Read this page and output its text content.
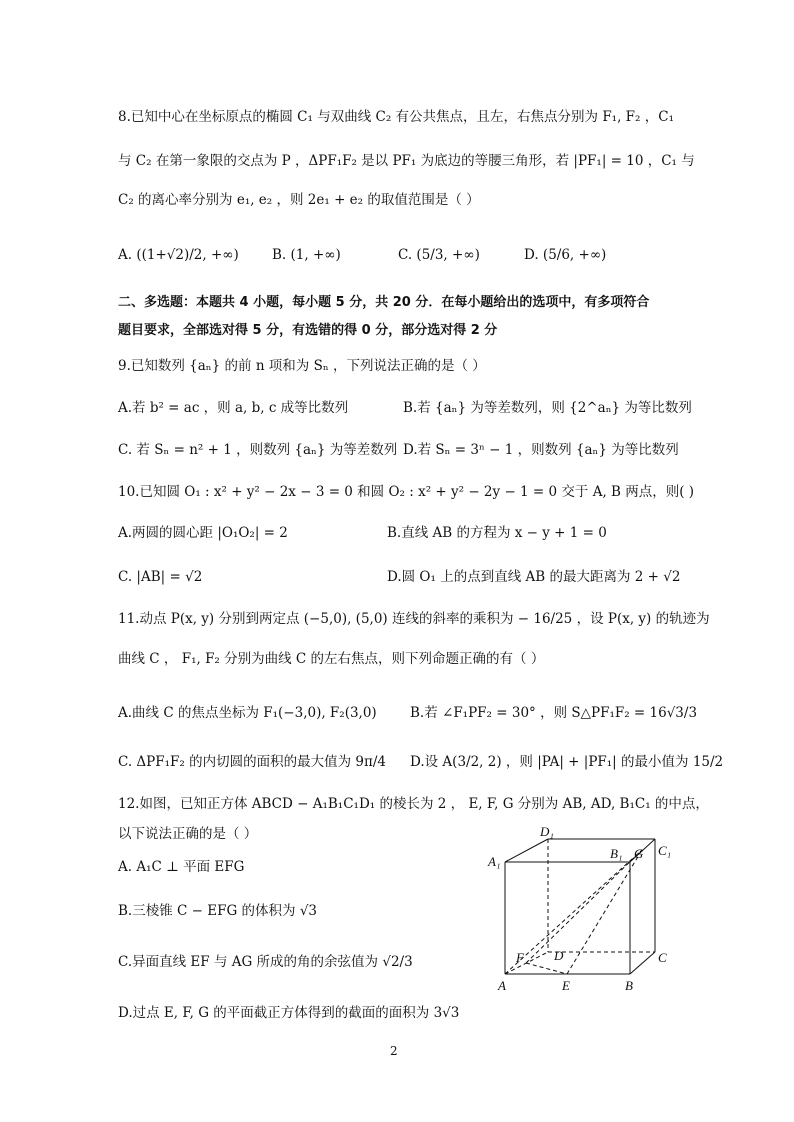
8.已知中心在坐标原点的椭圆 C₁ 与双曲线 C₂ 有公共焦点，且左，右焦点分别为 F₁, F₂ ，C₁
与 C₂ 在第一象限的交点为 P ，ΔPF₁F₂ 是以 PF₁ 为底边的等腰三角形，若 |PF₁| = 10 ，C₁ 与
C₂ 的离心率分别为 e₁, e₂ ，则 2e₁ + e₂ 的取值范围是（ ）
A. ((1+√2)/2, +∞) B. (1, +∞)	C. (5/3, +∞)	D. (5/6, +∞)
二、多选题：本题共 4 小题，每小题 5 分，共 20 分．在每小题给出的选项中，有多项符合
题目要求，全部选对得 5 分，有选错的得 0 分，部分选对得 2 分
9.已知数列 {aₙ} 的前 n 项和为 Sₙ ，下列说法正确的是（ ）
A.若 b² = ac ，则 a, b, c 成等比数列	B.若 {aₙ} 为等差数列，则 {2^aₙ} 为等比数列
C. 若 Sₙ = n² + 1 ，则数列 {aₙ} 为等差数列 D.若 Sₙ = 3ⁿ − 1 ，则数列 {aₙ} 为等比数列
10.已知圆 O₁ : x² + y² − 2x − 3 = 0 和圆 O₂ : x² + y² − 2y − 1 = 0 交于 A, B 两点，则( )
A.两圆的圆心距 |O₁O₂| = 2	B.直线 AB 的方程为 x − y + 1 = 0
C. |AB| = √2	D.圆 O₁ 上的点到直线 AB 的最大距离为 2 + √2
11.动点 P(x, y) 分别到两定点 (−5,0), (5,0) 连线的斜率的乘积为 − 16/25 ，设 P(x, y) 的轨迹为
曲线 C ， F₁, F₂ 分别为曲线 C 的左右焦点，则下列命题正确的有（ ）
A.曲线 C 的焦点坐标为 F₁(−3,0), F₂(3,0) B.若 ∠F₁PF₂ = 30° ，则 S△PF₁F₂ = 16√3/3
C. ΔPF₁F₂ 的内切圆的面积的最大值为 9π/4 D.设 A(3/2, 2) ，则 |PA| + |PF₁| 的最小值为 15/2
12.如图，已知正方体 ABCD − A₁B₁C₁D₁ 的棱长为 2 ， E, F, G 分别为 AB, AD, B₁C₁ 的中点，
以下说法正确的是（ ）
A. A₁C ⊥ 平面 EFG
B.三棱锥 C − EFG 的体积为 √3
C.异面直线 EF 与 AG 所成的角的余弦值为 √2/3
D.过点 E, F, G 的平面截正方体得到的截面的面积为 3√3
A₁
D₁
B₁ G C₁
D
F	C
A	E	B
2
